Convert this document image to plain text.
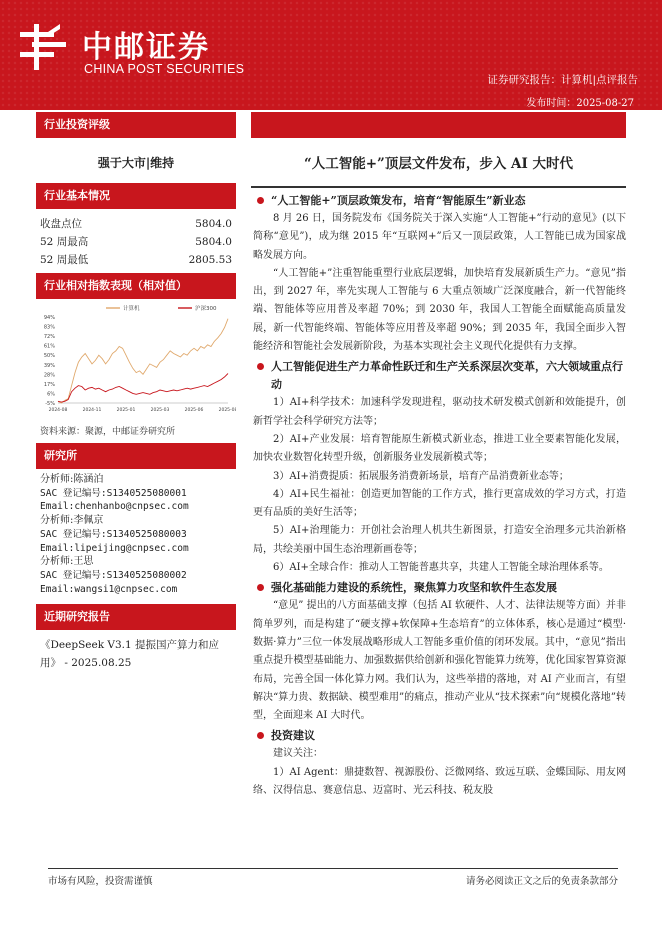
中邮证券
CHINA POST SECURITIES
证券研究报告：计算机|点评报告
发布时间：2025-08-27
行业投资评级
强于大市|维持
行业基本情况
收盘点位	5804.0
52 周最高	5804.0
52 周最低	2805.53
行业相对指数表现（相对值）
94%
83%
72%
61%
50%
39%
28%
17%
6%
-5%
2024-08	2024-11	2025-01	2025-03	2025-06	2025-08
计算机	沪深300
资料来源：聚源，中邮证券研究所
研究所
分析师:陈涵泊
SAC 登记编号:S1340525080001
Email:chenhanbo@cnpsec.com
分析师:李佩京
SAC 登记编号:S1340525080003
Email:lipeijing@cnpsec.com
分析师:王思
SAC 登记编号:S1340525080002
Email:wangsi1@cnpsec.com
近期研究报告
《DeepSeek V3.1 提振国产算力和应用》 - 2025.08.25
“人工智能+”顶层文件发布，步入 AI 大时代
“人工智能+”顶层政策发布，培育“智能原生”新业态
8 月 26 日，国务院发布《国务院关于深入实施“人工智能+”行动的意见》(以下简称“意见”)，成为继 2015 年“互联网+”后又一顶层政策，人工智能已成为国家战略发展方向。
“人工智能+”注重智能重塑行业底层逻辑，加快培育发展新质生产力。“意见”指出，到 2027 年，率先实现人工智能与 6 大重点领域广泛深度融合，新一代智能终端、智能体等应用普及率超 70%；到 2030 年，我国人工智能全面赋能高质量发展，新一代智能终端、智能体等应用普及率超 90%；到 2035 年，我国全面步入智能经济和智能社会发展新阶段，为基本实现社会主义现代化提供有力支撑。
人工智能促进生产力革命性跃迁和生产关系深层次变革，六大领域重点行动
1）AI+科学技术：加速科学发现进程，驱动技术研发模式创新和效能提升，创新哲学社会科学研究方法等；
2）AI+产业发展：培育智能原生新模式新业态，推进工业全要素智能化发展，加快农业数智化转型升级，创新服务业发展新模式等；
3）AI+消费提质：拓展服务消费新场景，培育产品消费新业态等；
4）AI+民生福祉：创造更加智能的工作方式，推行更富成效的学习方式，打造更有品质的美好生活等；
5）AI+治理能力：开创社会治理人机共生新图景，打造安全治理多元共治新格局，共绘美丽中国生态治理新画卷等；
6）AI+全球合作：推动人工智能普惠共享，共建人工智能全球治理体系等。
强化基础能力建设的系统性，聚焦算力攻坚和软件生态发展
“意见” 提出的八方面基础支撑（包括 AI 软硬件、人才、法律法规等方面）并非简单罗列，而是构建了“硬支撑+软保障+生态培育”的立体体系，核心是通过“模型·数据·算力”三位一体发展战略形成人工智能多重价值的闭环发展。其中，“意见”指出重点提升模型基础能力、加强数据供给创新和强化智能算力统筹，优化国家智算资源布局，完善全国一体化算力网。我们认为，这些举措的落地，对 AI 产业而言，有望解决“算力贵、数据缺、模型难用”的痛点，推动产业从“技术探索”向“规模化落地”转型，全面迎来 AI 大时代。
投资建议
建议关注：
1）AI Agent：鼎捷数智、视源股份、泛微网络、致远互联、金蝶国际、用友网络、汉得信息、赛意信息、迈富时、光云科技、税友股
市场有风险，投资需谨慎	请务必阅读正文之后的免责条款部分
